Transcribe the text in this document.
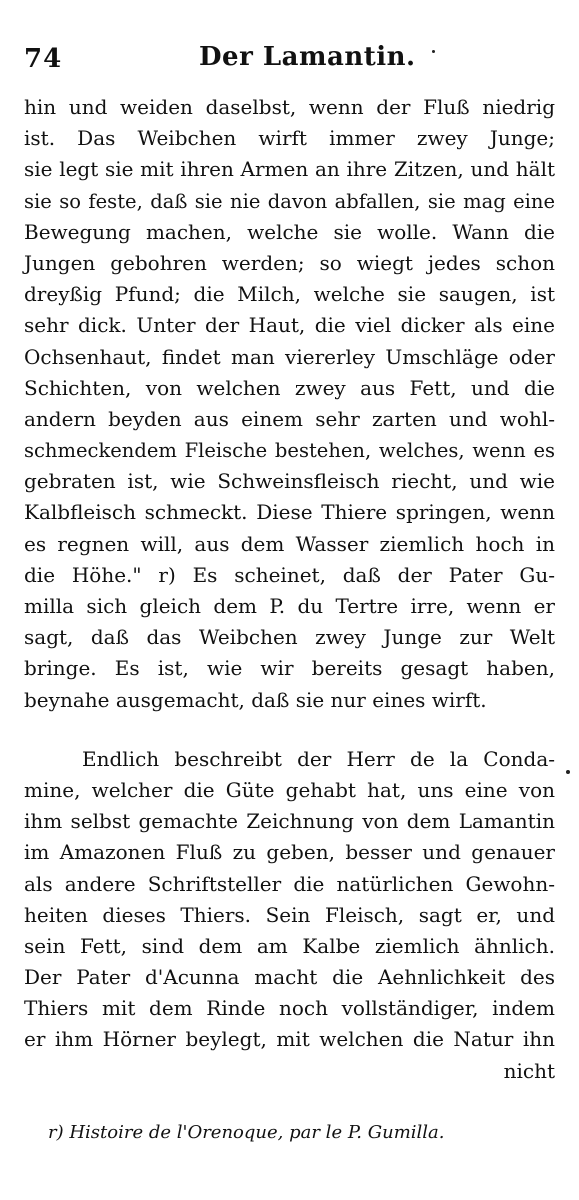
74	Der Lamantin.
hin und weiden daselbst, wenn der Fluß niedrig
ist. Das Weibchen wirft immer zwey Junge;
sie legt sie mit ihren Armen an ihre Zitzen, und hält
sie so feste, daß sie nie davon abfallen, sie mag eine
Bewegung machen, welche sie wolle. Wann die
Jungen gebohren werden; so wiegt jedes schon
dreyßig Pfund; die Milch, welche sie saugen, ist
sehr dick. Unter der Haut, die viel dicker als eine
Ochsenhaut, findet man viererley Umschläge oder
Schichten, von welchen zwey aus Fett, und die
andern beyden aus einem sehr zarten und wohl-
schmeckendem Fleische bestehen, welches, wenn es
gebraten ist, wie Schweinsfleisch riecht, und wie
Kalbfleisch schmeckt. Diese Thiere springen, wenn
es regnen will, aus dem Wasser ziemlich hoch in
die Höhe." r) Es scheinet, daß der Pater Gu-
milla sich gleich dem P. du Tertre irre, wenn er
sagt, daß das Weibchen zwey Junge zur Welt
bringe. Es ist, wie wir bereits gesagt haben,
beynahe ausgemacht, daß sie nur eines wirft.
Endlich beschreibt der Herr de la Conda-
mine, welcher die Güte gehabt hat, uns eine von
ihm selbst gemachte Zeichnung von dem Lamantin
im Amazonen Fluß zu geben, besser und genauer
als andere Schriftsteller die natürlichen Gewohn-
heiten dieses Thiers. Sein Fleisch, sagt er, und
sein Fett, sind dem am Kalbe ziemlich ähnlich.
Der Pater d'Acunna macht die Aehnlichkeit des
Thiers mit dem Rinde noch vollständiger, indem
er ihm Hörner beylegt, mit welchen die Natur ihn
nicht
r) Histoire de l'Orenoque, par le P. Gumilla.
